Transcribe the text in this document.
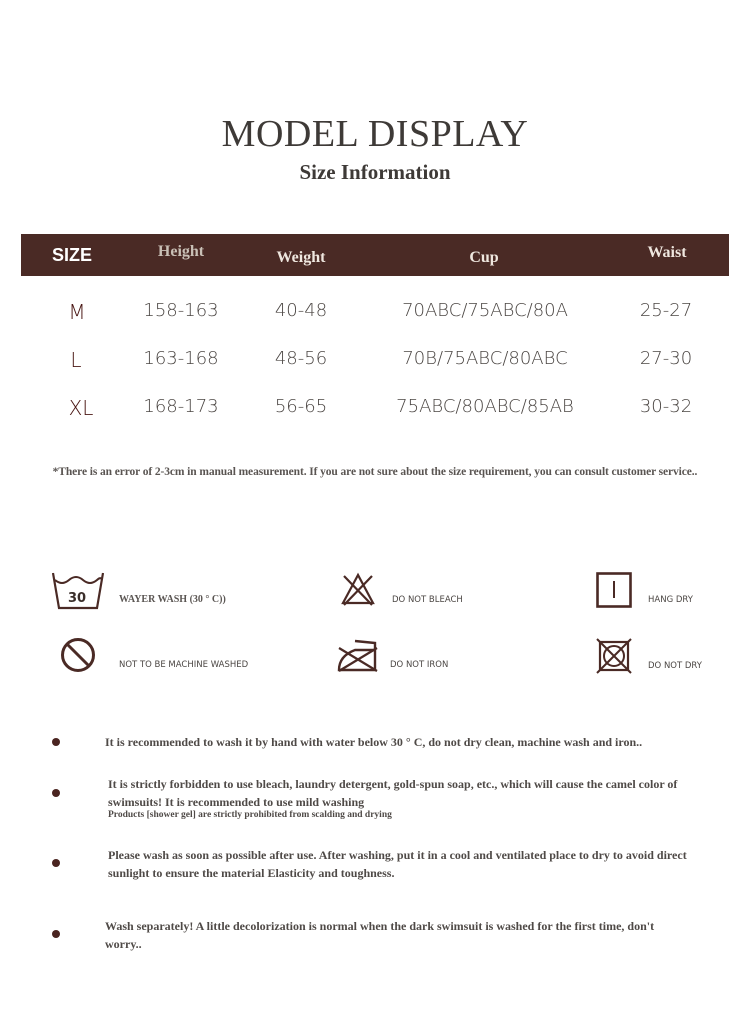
MODEL DISPLAY
Size Information
SIZE	Height	Weight	Cup	Waist
M	158-163	40-48	70ABC/75ABC/80A	25-27
L	163-168	48-56	70B/75ABC/80ABC	27-30
XL	168-173	56-65	75ABC/80ABC/85AB	30-32
*There is an error of 2-3cm in manual measurement. If you are not sure about the size requirement, you can consult customer service..
30	WAYER WASH (30 ° C))	DO NOT BLEACH	HANG DRY
NOT TO BE MACHINE WASHED	DO NOT IRON	DO NOT DRY
It is recommended to wash it by hand with water below 30 ° C, do not dry clean, machine wash and iron..
It is strictly forbidden to use bleach, laundry detergent, gold-spun soap, etc., which will cause the camel color of
swimsuits! It is recommended to use mild washing
Products [shower gel] are strictly prohibited from scalding and drying
Please wash as soon as possible after use. After washing, put it in a cool and ventilated place to dry to avoid direct
sunlight to ensure the material Elasticity and toughness.
Wash separately! A little decolorization is normal when the dark swimsuit is washed for the first time, don't
worry..
